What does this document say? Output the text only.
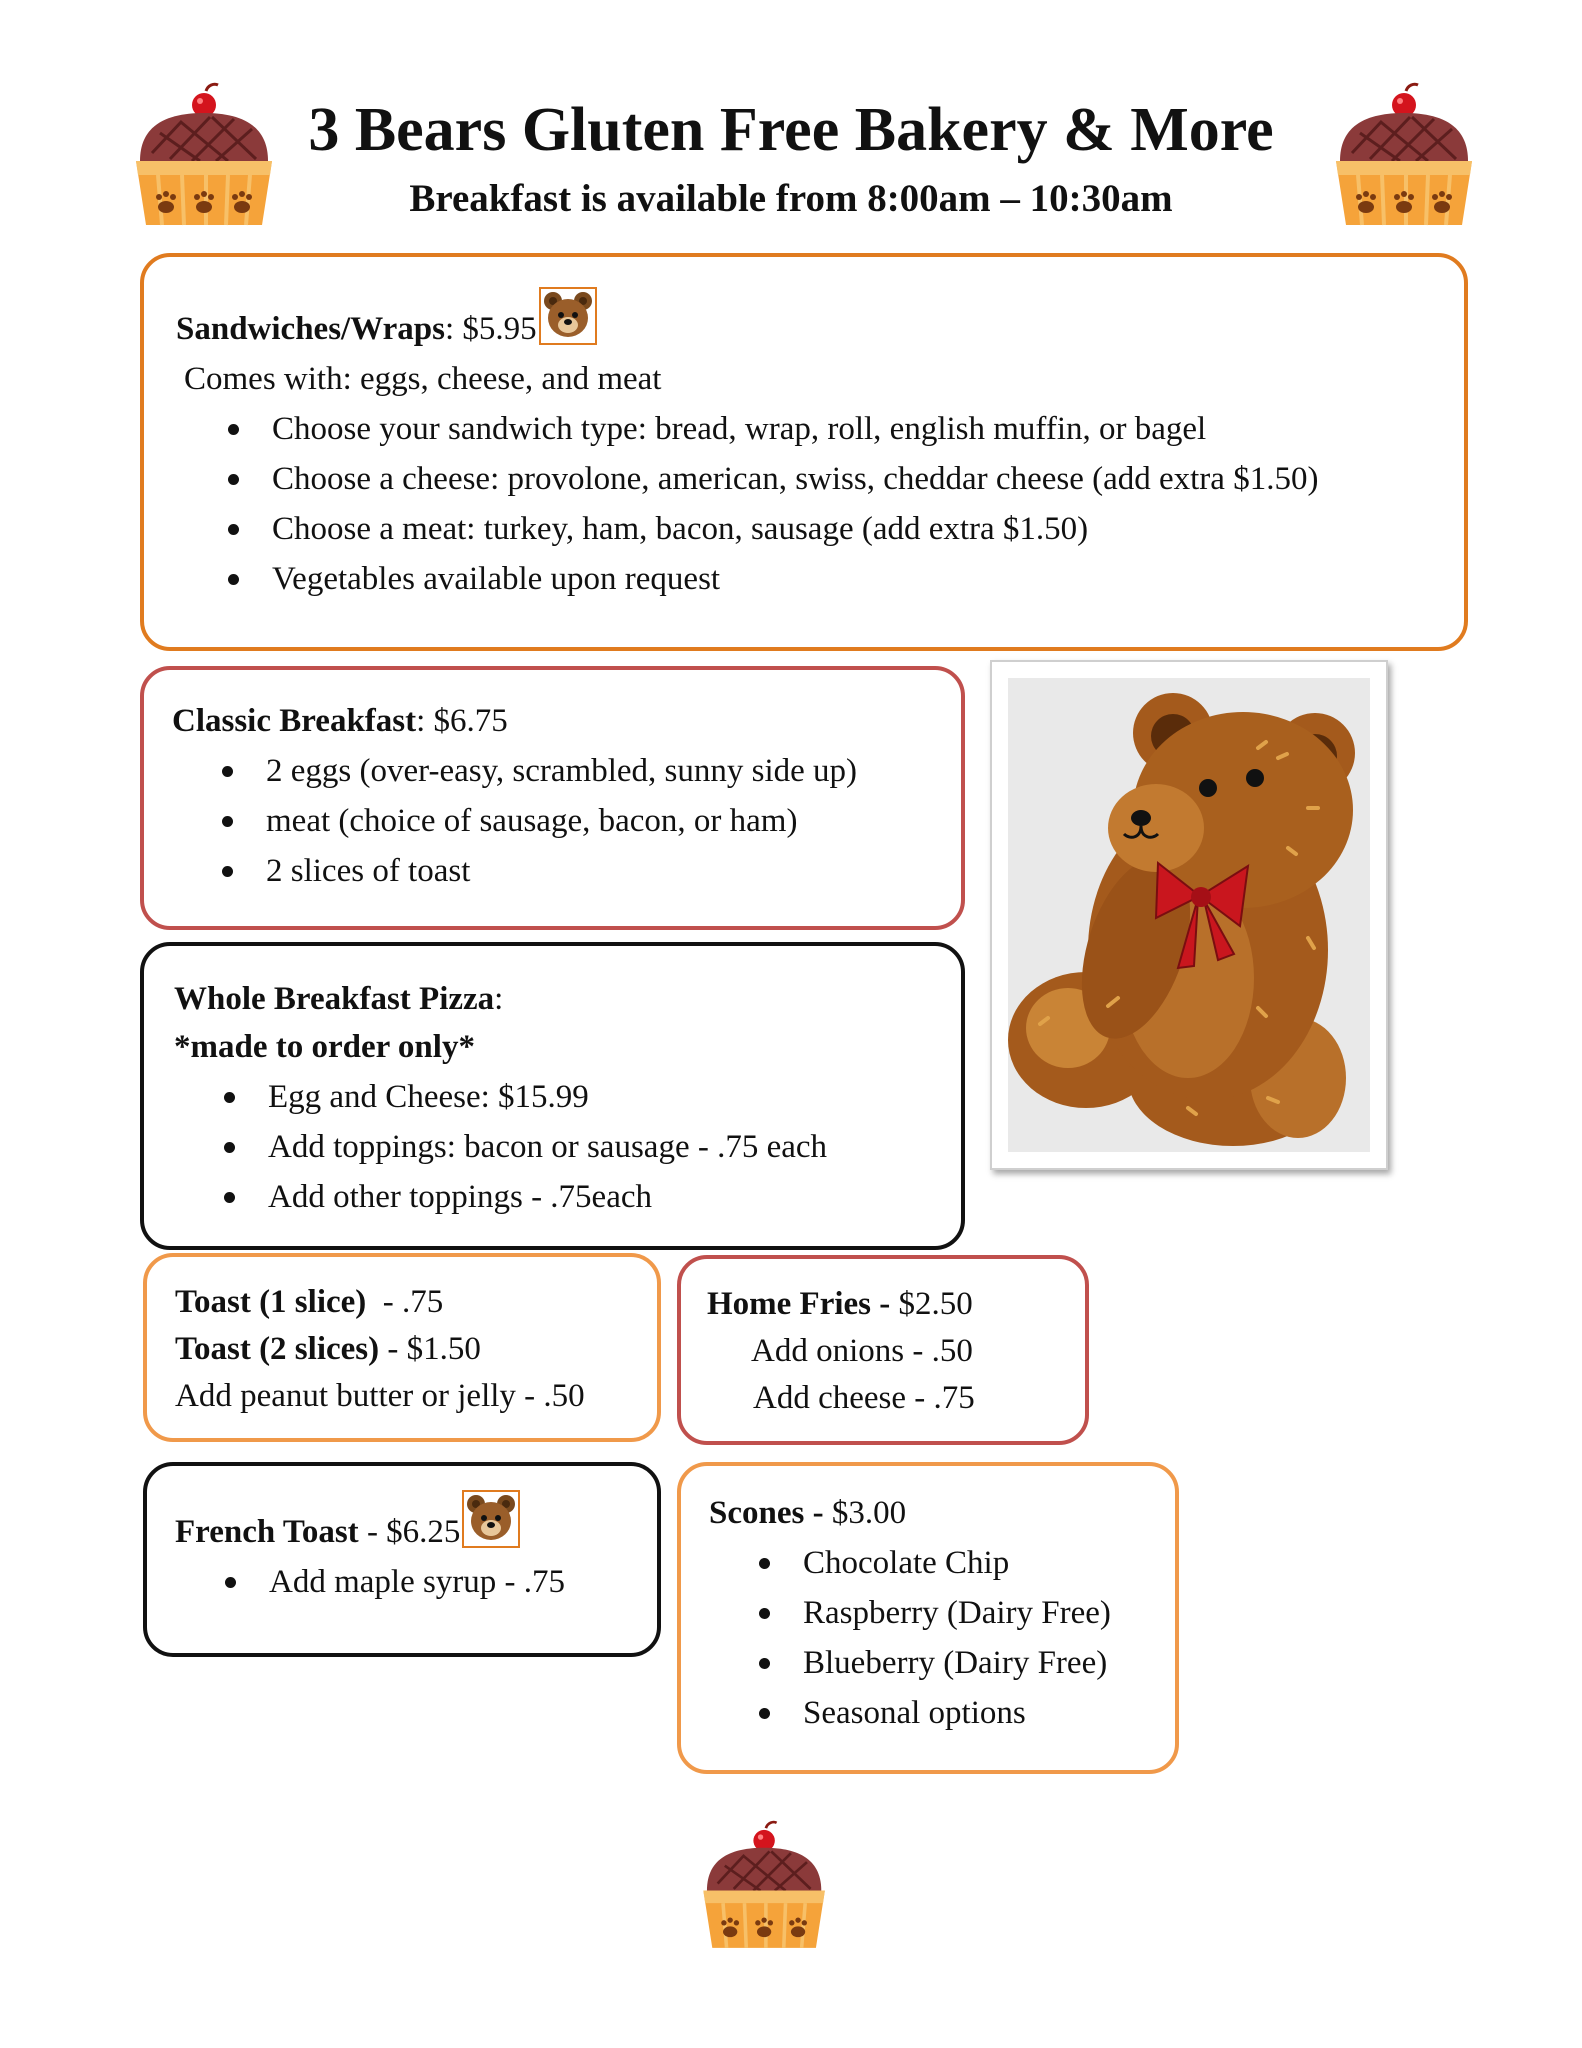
3 Bears Gluten Free Bakery & More

Breakfast is available from 8:00am – 10:30am

Sandwiches/Wraps: $5.95

Comes with: eggs, cheese, and meat

Choose your sandwich type: bread, wrap, roll, english muffin, or bagel
Choose a cheese: provolone, american, swiss, cheddar cheese (add extra $1.50)
Choose a meat: turkey, ham, bacon, sausage (add extra $1.50)
Vegetables available upon request

Classic Breakfast: $6.75

2 eggs (over-easy, scrambled, sunny side up)
meat (choice of sausage, bacon, or ham)
2 slices of toast

Whole Breakfast Pizza:

*made to order only*

Egg and Cheese: $15.99
Add toppings: bacon or sausage - .75 each
Add other toppings - .75each

Toast (1 slice)  - .75

Toast (2 slices) - $1.50

Add peanut butter or jelly - .50

Home Fries - $2.50

Add onions - .50

Add cheese - .75

French Toast - $6.25

Add maple syrup - .75

Scones - $3.00

Chocolate Chip
Raspberry (Dairy Free)
Blueberry (Dairy Free)
Seasonal options
